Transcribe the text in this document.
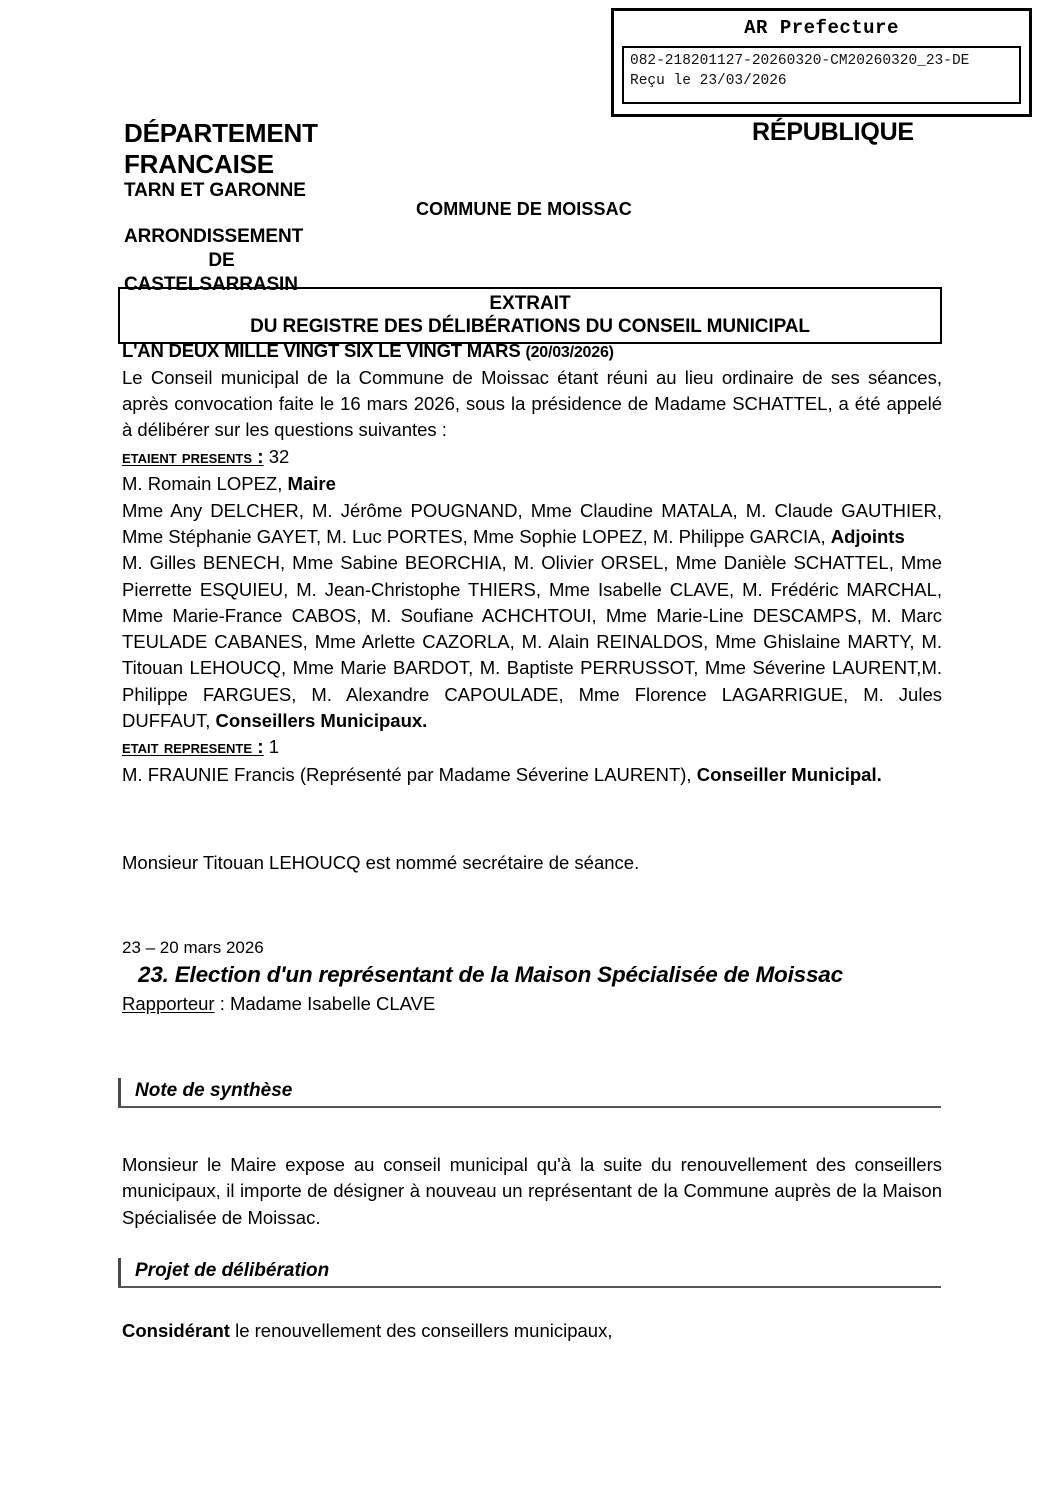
AR Prefecture
082-218201127-20260320-CM20260320_23-DE
Reçu le 23/03/2026
DÉPARTEMENT
FRANCAISE
TARN ET GARONNE
ARRONDISSEMENT
DE
CASTELSARRASIN
RÉPUBLIQUE
COMMUNE DE MOISSAC
EXTRAIT
DU REGISTRE DES DÉLIBÉRATIONS DU CONSEIL MUNICIPAL

L'AN DEUX MILLE VINGT SIX LE VINGT MARS (20/03/2026)

Le Conseil municipal de la Commune de Moissac étant réuni au lieu ordinaire de ses séances, après convocation faite le 16 mars 2026, sous la présidence de Madame SCHATTEL, a été appelé à délibérer sur les questions suivantes :

etaient presents : 32

M. Romain LOPEZ, Maire

Mme Any DELCHER, M. Jérôme POUGNAND, Mme Claudine MATALA, M. Claude GAUTHIER, Mme Stéphanie GAYET, M. Luc PORTES, Mme Sophie LOPEZ, M. Philippe GARCIA, Adjoints

M. Gilles BENECH, Mme Sabine BEORCHIA, M. Olivier ORSEL, Mme Danièle SCHATTEL, Mme Pierrette ESQUIEU, M. Jean-Christophe THIERS, Mme Isabelle CLAVE, M. Frédéric MARCHAL, Mme Marie-France CABOS, M. Soufiane ACHCHTOUI, Mme Marie-Line DESCAMPS, M. Marc TEULADE CABANES, Mme Arlette CAZORLA, M. Alain REINALDOS, Mme Ghislaine MARTY, M. Titouan LEHOUCQ, Mme Marie BARDOT, M. Baptiste PERRUSSOT, Mme Séverine LAURENT,M. Philippe FARGUES, M. Alexandre CAPOULADE, Mme Florence LAGARRIGUE, M. Jules DUFFAUT, Conseillers Municipaux.

etait represente : 1

M. FRAUNIE Francis (Représenté par Madame Séverine LAURENT), Conseiller Municipal.

Monsieur Titouan LEHOUCQ est nommé secrétaire de séance.
23 – 20 mars 2026
23. Election d'un représentant de la Maison Spécialisée de Moissac
Rapporteur : Madame Isabelle CLAVE
Note de synthèse
Monsieur le Maire expose au conseil municipal qu'à la suite du renouvellement des conseillers municipaux, il importe de désigner à nouveau un représentant de la Commune auprès de la Maison Spécialisée de Moissac.
Projet de délibération
Considérant le renouvellement des conseillers municipaux,
